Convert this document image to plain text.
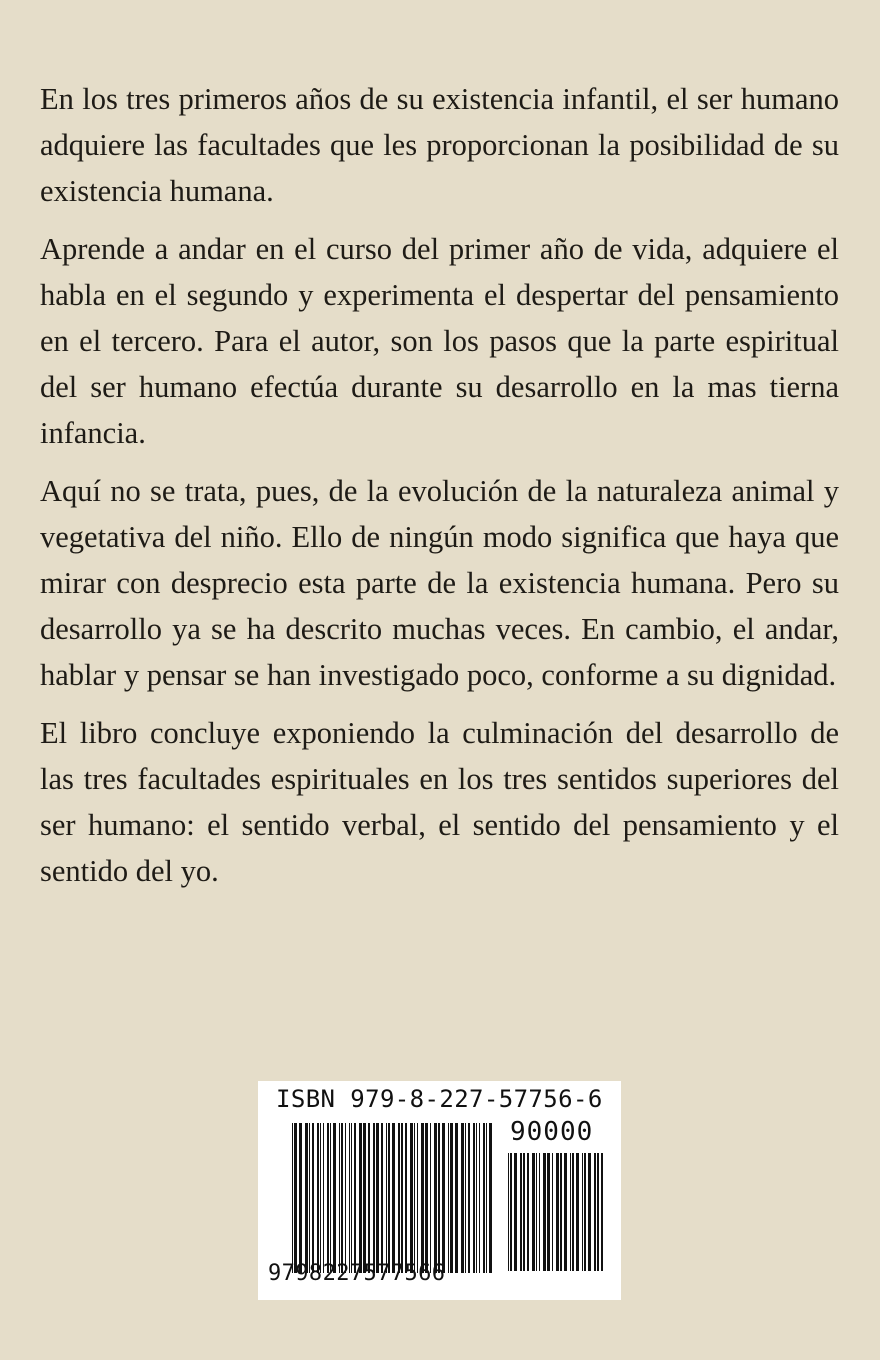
En los tres primeros años de su existencia infantil, el ser humano adquiere las facultades que les proporcionan la posibilidad de su existencia humana.

Aprende a andar en el curso del primer año de vida, adquiere el habla en el segundo y experimenta el despertar del pensamiento en el tercero. Para el autor, son los pasos que la parte espiritual del ser humano efectúa durante su desarrollo en la mas tierna infancia.

Aquí no se trata, pues, de la evolución de la naturaleza animal y vegetativa del niño. Ello de ningún modo significa que haya que mirar con desprecio esta parte de la existencia humana. Pero su desarrollo ya se ha descrito muchas veces. En cambio, el andar, hablar y pensar se han investigado poco, conforme a su dignidad.

El libro concluye exponiendo la culminación del desarrollo de las tres facultades espirituales en los tres sentidos superiores del ser humano: el sentido verbal, el sentido del pensamiento y el sentido del yo.

ISBN 979-8-227-57756-6
90000
9798227577566
